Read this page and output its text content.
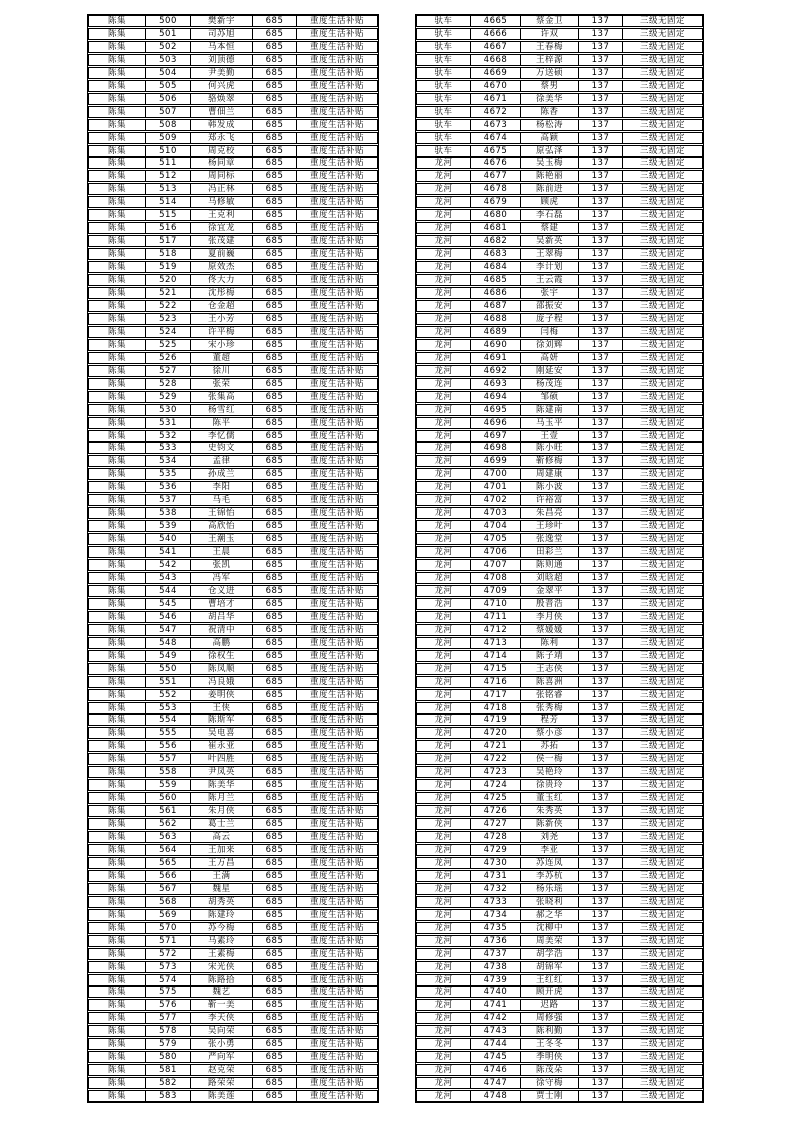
陈集	500	樊新宇	685	重度生活补贴
陈集	501	司苏旭	685	重度生活补贴
陈集	502	马本恒	685	重度生活补贴
陈集	503	刘顶德	685	重度生活补贴
陈集	504	尹美勤	685	重度生活补贴
陈集	505	何兴虎	685	重度生活补贴
陈集	506	骆焕翠	685	重度生活补贴
陈集	507	曹佃兰	685	重度生活补贴
陈集	508	韩发成	685	重度生活补贴
陈集	509	郑永飞	685	重度生活补贴
陈集	510	周克校	685	重度生活补贴
陈集	511	杨同章	685	重度生活补贴
陈集	512	周同标	685	重度生活补贴
陈集	513	冯正林	685	重度生活补贴
陈集	514	马修敏	685	重度生活补贴
陈集	515	王克利	685	重度生活补贴
陈集	516	徐宜龙	685	重度生活补贴
陈集	517	张茂建	685	重度生活补贴
陈集	518	夏前巍	685	重度生活补贴
陈集	519	原效杰	685	重度生活补贴
陈集	520	佟大力	685	重度生活补贴
陈集	521	沈彤梅	685	重度生活补贴
陈集	522	仓金超	685	重度生活补贴
陈集	523	王小芳	685	重度生活补贴
陈集	524	许平梅	685	重度生活补贴
陈集	525	宋小珍	685	重度生活补贴
陈集	526	董超	685	重度生活补贴
陈集	527	徐川	685	重度生活补贴
陈集	528	张荣	685	重度生活补贴
陈集	529	张集高	685	重度生活补贴
陈集	530	杨雪红	685	重度生活补贴
陈集	531	陈平	685	重度生活补贴
陈集	532	李忆儒	685	重度生活补贴
陈集	533	史钧文	685	重度生活补贴
陈集	534	孟律	685	重度生活补贴
陈集	535	孙成兰	685	重度生活补贴
陈集	536	李阳	685	重度生活补贴
陈集	537	马毛	685	重度生活补贴
陈集	538	王锦怡	685	重度生活补贴
陈集	539	高欣怡	685	重度生活补贴
陈集	540	王潮玉	685	重度生活补贴
陈集	541	王晨	685	重度生活补贴
陈集	542	张凯	685	重度生活补贴
陈集	543	冯军	685	重度生活补贴
陈集	544	仓义进	685	重度生活补贴
陈集	545	曹培才	685	重度生活补贴
陈集	546	胡吕华	685	重度生活补贴
陈集	547	祝清中	685	重度生活补贴
陈集	548	高鹏	685	重度生活补贴
陈集	549	徐权生	685	重度生活补贴
陈集	550	陈凤顺	685	重度生活补贴
陈集	551	冯良娥	685	重度生活补贴
陈集	552	姜明侠	685	重度生活补贴
陈集	553	王侠	685	重度生活补贴
陈集	554	陈斯军	685	重度生活补贴
陈集	555	吴电喜	685	重度生活补贴
陈集	556	崔永亚	685	重度生活补贴
陈集	557	叶四胜	685	重度生活补贴
陈集	558	尹凤英	685	重度生活补贴
陈集	559	陈美华	685	重度生活补贴
陈集	560	陈月兰	685	重度生活补贴
陈集	561	朱月侠	685	重度生活补贴
陈集	562	葛士兰	685	重度生活补贴
陈集	563	高云	685	重度生活补贴
陈集	564	王加来	685	重度生活补贴
陈集	565	王万昌	685	重度生活补贴
陈集	566	王满	685	重度生活补贴
陈集	567	魏星	685	重度生活补贴
陈集	568	胡秀英	685	重度生活补贴
陈集	569	陈建玲	685	重度生活补贴
陈集	570	苏今梅	685	重度生活补贴
陈集	571	马素玲	685	重度生活补贴
陈集	572	王素梅	685	重度生活补贴
陈集	573	宋光侠	685	重度生活补贴
陈集	574	陈路拾	685	重度生活补贴
陈集	575	魏艺	685	重度生活补贴
陈集	576	靳一美	685	重度生活补贴
陈集	577	李天侠	685	重度生活补贴
陈集	578	吴向荣	685	重度生活补贴
陈集	579	张小勇	685	重度生活补贴
陈集	580	严向军	685	重度生活补贴
陈集	581	赵克荣	685	重度生活补贴
陈集	582	路荣荣	685	重度生活补贴
陈集	583	陈美莲	685	重度生活补贴
驮车	4665	蔡金卫	137	三级无固定
驮车	4666	许双	137	三级无固定
驮车	4667	王春梅	137	三级无固定
驮车	4668	王梓源	137	三级无固定
驮车	4669	万送硕	137	三级无固定
驮车	4670	蔡男	137	三级无固定
驮车	4671	徐美华	137	三级无固定
驮车	4672	陈香	137	三级无固定
驮车	4673	杨松涛	137	三级无固定
驮车	4674	高颖	137	三级无固定
驮车	4675	原弘泽	137	三级无固定
龙河	4676	吴玉梅	137	三级无固定
龙河	4677	陈艳丽	137	三级无固定
龙河	4678	陈前进	137	三级无固定
龙河	4679	顾虎	137	三级无固定
龙河	4680	李石磊	137	三级无固定
龙河	4681	蔡建	137	三级无固定
龙河	4682	吴新英	137	三级无固定
龙河	4683	王翠梅	137	三级无固定
龙河	4684	李计划	137	三级无固定
龙河	4685	王云霞	137	三级无固定
龙河	4686	张宇	137	三级无固定
龙河	4687	邵振安	137	三级无固定
龙河	4688	庞子程	137	三级无固定
龙河	4689	闫梅	137	三级无固定
龙河	4690	徐刘辉	137	三级无固定
龙河	4691	高妍	137	三级无固定
龙河	4692	刚延安	137	三级无固定
龙河	4693	杨茂连	137	三级无固定
龙河	4694	邹硕	137	三级无固定
龙河	4695	陈建南	137	三级无固定
龙河	4696	马玉平	137	三级无固定
龙河	4697	王壹	137	三级无固定
龙河	4698	陈小旺	137	三级无固定
龙河	4699	靳修梅	137	三级无固定
龙河	4700	周建康	137	三级无固定
龙河	4701	陈小波	137	三级无固定
龙河	4702	许裕富	137	三级无固定
龙河	4703	朱昌亮	137	三级无固定
龙河	4704	王珍叶	137	三级无固定
龙河	4705	张逸堂	137	三级无固定
龙河	4706	田彩兰	137	三级无固定
龙河	4707	陈则通	137	三级无固定
龙河	4708	刘晗超	137	三级无固定
龙河	4709	金翠平	137	三级无固定
龙河	4710	殷晋浩	137	三级无固定
龙河	4711	李月侠	137	三级无固定
龙河	4712	蔡媛媛	137	三级无固定
龙河	4713	陈利	137	三级无固定
龙河	4714	陈子靖	137	三级无固定
龙河	4715	王志侠	137	三级无固定
龙河	4716	陈喜洲	137	三级无固定
龙河	4717	张铭睿	137	三级无固定
龙河	4718	张秀梅	137	三级无固定
龙河	4719	程芳	137	三级无固定
龙河	4720	蔡小彦	137	三级无固定
龙河	4721	苏拓	137	三级无固定
龙河	4722	侯一梅	137	三级无固定
龙河	4723	吴艳玲	137	三级无固定
龙河	4724	徐贵玲	137	三级无固定
龙河	4725	董玉红	137	三级无固定
龙河	4726	朱秀英	137	三级无固定
龙河	4727	陈新侠	137	三级无固定
龙河	4728	刘尧	137	三级无固定
龙河	4729	李亚	137	三级无固定
龙河	4730	苏连凤	137	三级无固定
龙河	4731	李苏杭	137	三级无固定
龙河	4732	杨乐瑶	137	三级无固定
龙河	4733	张晓利	137	三级无固定
龙河	4734	郝之华	137	三级无固定
龙河	4735	沈柳中	137	三级无固定
龙河	4736	周美荣	137	三级无固定
龙河	4737	胡学浩	137	三级无固定
龙河	4738	胡锦军	137	三级无固定
龙河	4739	王红红	137	三级无固定
龙河	4740	顾开虎	137	三级无固定
龙河	4741	迟路	137	三级无固定
龙河	4742	周修强	137	三级无固定
龙河	4743	陈利勤	137	三级无固定
龙河	4744	王冬冬	137	三级无固定
龙河	4745	季明侠	137	三级无固定
龙河	4746	陈茂朵	137	三级无固定
龙河	4747	徐守梅	137	三级无固定
龙河	4748	贾士刚	137	三级无固定
